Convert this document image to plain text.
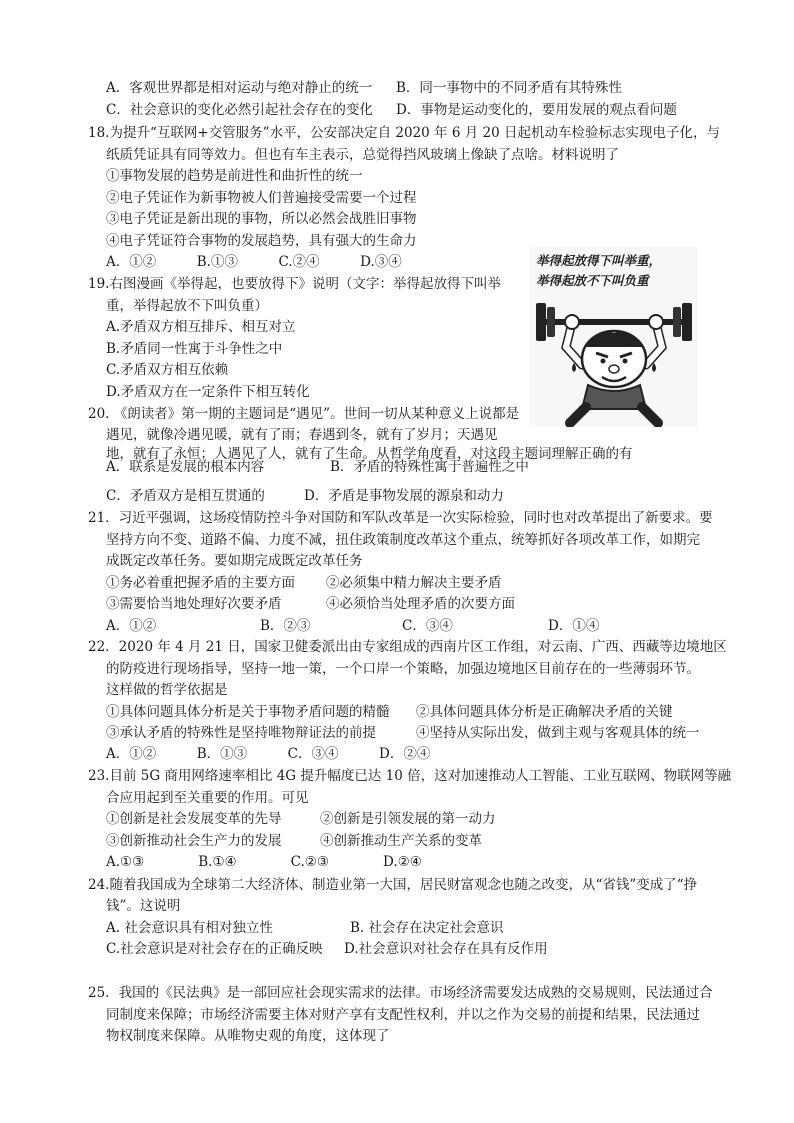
A．客观世界都是相对运动与绝对静止的统一 B．同一事物中的不同矛盾有其特殊性
C．社会意识的变化必然引起社会存在的变化 D．事物是运动变化的，要用发展的观点看问题
18.为提升“互联网+交管服务”水平，公安部决定自 2020 年 6 月 20 日起机动车检验标志实现电子化，与
纸质凭证具有同等效力。但也有车主表示，总觉得挡风玻璃上像缺了点啥。材料说明了
①事物发展的趋势是前进性和曲折性的统一
②电子凭证作为新事物被人们普遍接受需要一个过程
③电子凭证是新出现的事物，所以必然会战胜旧事物
④电子凭证符合事物的发展趋势，具有强大的生命力
A．①②　　　B.①③　　　C.②④　　　D.③④
19.右图漫画《举得起，也要放得下》说明（文字：举得起放得下叫举
重，举得起放不下叫负重）
A.矛盾双方相互排斥、相互对立
B.矛盾同一性寓于斗争性之中
C.矛盾双方相互依赖
D.矛盾双方在一定条件下相互转化
举得起放得下叫举重，
举得起放不下叫负重
20. 《朗读者》第一期的主题词是“遇见”。世间一切从某种意义上说都是
遇见，就像冷遇见暖，就有了雨；春遇到冬，就有了岁月；天遇见
地，就有了永恒；人遇见了人，就有了生命。从哲学角度看，对这段主题词理解正确的有
A．联系是发展的根本内容	B．矛盾的特殊性寓于普遍性之中
C．矛盾双方是相互贯通的	D．矛盾是事物发展的源泉和动力
21．习近平强调，这场疫情防控斗争对国防和军队改革是一次实际检验，同时也对改革提出了新要求。要
坚持方向不变、道路不偏、力度不减，扭住政策制度改革这个重点，统筹抓好各项改革工作，如期完
成既定改革任务。要如期完成既定改革任务
①务必着重把握矛盾的主要方面 ②必须集中精力解决主要矛盾
③需要恰当地处理好次要矛盾	④必须恰当处理矛盾的次要方面
A．①②	B．②③	C．③④	D．①④
22．2020 年 4 月 21 日，国家卫健委派出由专家组成的西南片区工作组，对云南、广西、西藏等边境地区
的防疫进行现场指导，坚持一地一策，一个口岸一个策略，加强边境地区目前存在的一些薄弱环节。
这样做的哲学依据是
①具体问题具体分析是关于事物矛盾问题的精髓 ②具体问题具体分析是正确解决矛盾的关键
③承认矛盾的特殊性是坚持唯物辩证法的前提	④坚持从实际出发，做到主观与客观具体的统一
A．①②　　　B．①③　　　C．③④　　　D．②④
23.目前 5G 商用网络速率相比 4G 提升幅度已达 10 倍，这对加速推动人工智能、工业互联网、物联网等融
合应用起到至关重要的作用。可见
①创新是社会发展变革的先导	②创新是引领发展的第一动力
③创新推动社会生产力的发展	④创新推动生产关系的变革
A.①③　　　　B.①④　　　　C.②③　　　　D.②④
24.随着我国成为全球第二大经济体、制造业第一大国，居民财富观念也随之改变，从“省钱”变成了“挣
钱”。这说明
A. 社会意识具有相对独立性	B. 社会存在决定社会意识
C.社会意识是对社会存在的正确反映 D.社会意识对社会存在具有反作用
25．我国的《民法典》是一部回应社会现实需求的法律。市场经济需要发达成熟的交易规则，民法通过合
同制度来保障；市场经济需要主体对财产享有支配性权利，并以之作为交易的前提和结果，民法通过
物权制度来保障。从唯物史观的角度，这体现了
